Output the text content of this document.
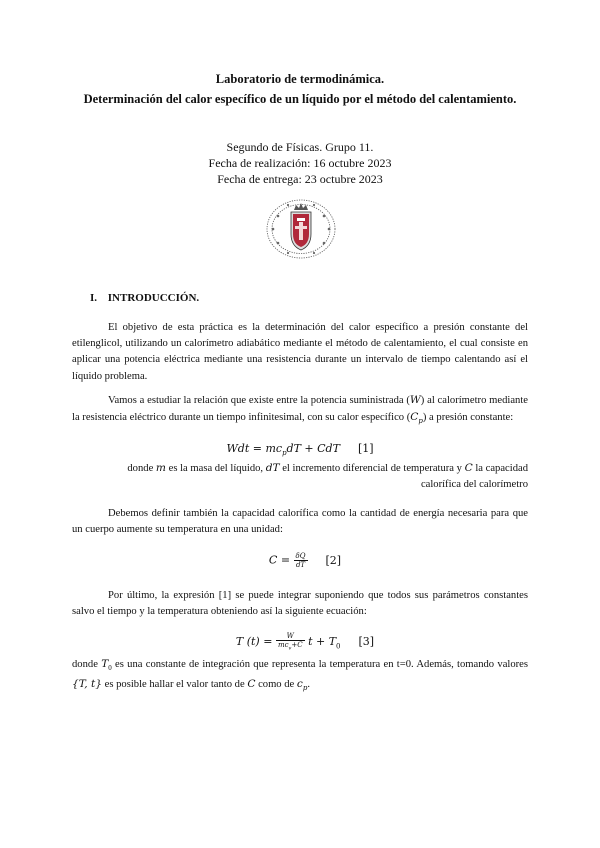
Laboratorio de termodinámica.
Determinación del calor específico de un líquido por el método del calentamiento.
Segundo de Físicas. Grupo 11.
Fecha de realización: 16 octubre 2023
Fecha de entrega: 23 octubre 2023
I. INTRODUCCIÓN.
El objetivo de esta práctica es la determinación del calor específico a presión constante del etilenglicol, utilizando un calorímetro adiabático mediante el método de calentamiento, el cual consiste en aplicar una potencia eléctrica mediante una resistencia durante un intervalo de tiempo calentando así el líquido problema.
Vamos a estudiar la relación que existe entre la potencia suministrada (W) al calorímetro mediante la resistencia eléctrico durante un tiempo infinitesimal, con su calor específico $(C_p)$ a presión constante:
Wdt = $mc_pdT$ + CdT [1]
donde m es la masa del líquido, dT el incremento diferencial de temperatura y C la capacidad
calorífica del calorímetro
Debemos definir también la capacidad calorífica como la cantidad de energía necesaria para que un cuerpo aumente su temperatura en una unidad:
$C = \frac{\delta Q}{dT} [2]$
Por último, la expresión [1] se puede integrar suponiendo que todos sus parámetros constantes salvo el tiempo y la temperatura obteniendo así la siguiente ecuación:
T $(t) = \frac{W}{mc_v+C}$ $t + T_0$ [3]
donde $T_0$ es una constante de integración que representa la temperatura en t=0. Además, tomando valores {T, t} es posible hallar el valor tanto de C como de $c_p$.
